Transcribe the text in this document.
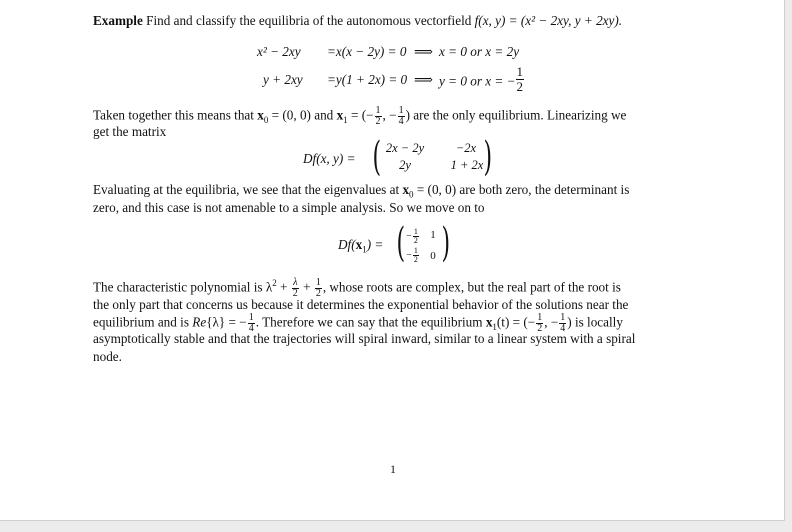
Example Find and classify the equilibria of the autonomous vectorfield f(x, y) = (x² − 2xy, y + 2xy).
x² − 2xy =x(x − 2y) = 0 ⟹ x = 0 or x = 2y
y + 2xy =y(1 + 2x) = 0 ⟹ y = 0 or x = − $\frac{1}{2}$
Taken together this means that $x_0 = (0$, 0) and $x_1$ = (− $\frac{1}{2}$ , − $\frac{1}{4}$ ) are the only equilibrium. Linearizing we
get the matrix
Df(x, y) = ( 2x − 2y	−2x
2y	1 + 2x )
Evaluating at the equilibria, we see that the eigenvalues at $x_0 = (0$, 0) are both zero, the determinant is
zero, and this case is not amenable to a simple analysis. So we move on to
$Df(x_1)$ = ( − $\frac{1}{2} 1$
− $\frac{1}{2} 0$ )
The characteristic polynomial is $\lambda^2 + \frac{\lambda}{2} + \frac{1}{2}$ , whose roots are complex, but the real part of the root is
the only part that concerns us because it determines the exponential behavior of the solutions near the
equilibrium and is Re{λ} = − $\frac{1}{4}$ . Therefore we can say that the equilibrium $x_1(t)$ = (− $\frac{1}{2}$ , − $\frac{1}{4}$ ) is locally
asymptotically stable and that the trajectories will spiral inward, similar to a linear system with a spiral
node.
1
